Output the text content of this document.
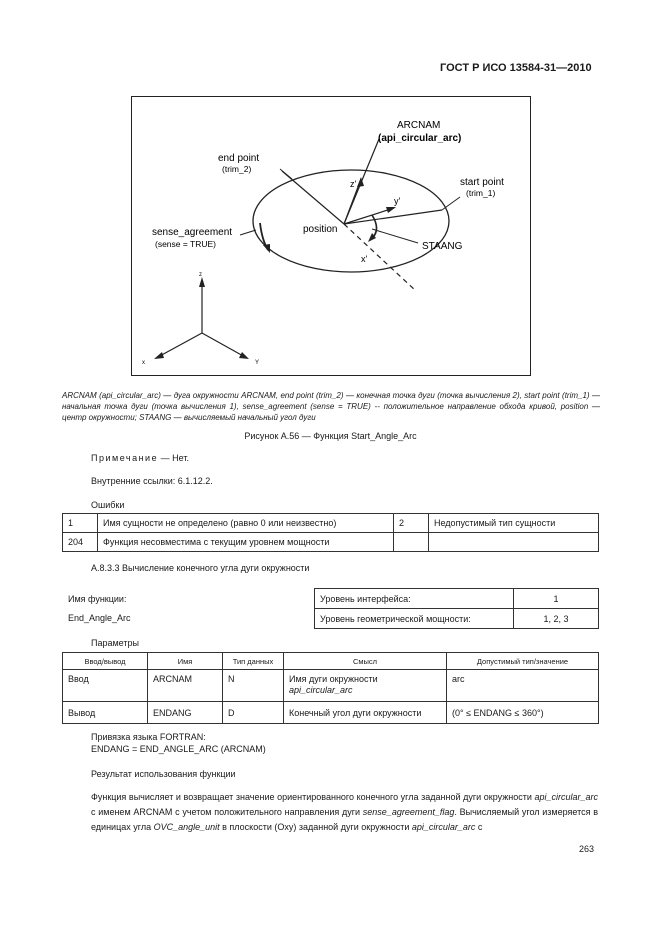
ГОСТ Р ИСО 13584-31—2010
ARCNAM
(api_circular_arc)
end point
(trim_2)
start point
(trim_1)
sense_agreement
(sense = TRUE)
position
STAANG
z'
y'
x'
z
x	Y
ARCNAM (api_circular_arc) — дуга окружности ARCNAM, end point (trim_2) — конечная точка дуги (точка вычисления 2), start point (trim_1) — начальная точка дуги (точка вычисления 1), sense_agreement (sense = TRUE) -- положительное направление обхода кривой, position — центр окружности; STAANG — вычисляемый начальный угол дуги
Рисунок А.56 — Функция Start_Angle_Arc
Примечание — Нет.
Внутренние ссылки: 6.1.12.2.
Ошибки
1	Имя сущности не определено (равно 0 или неизвестно)	2	Недопустимый тип сущности
204	Функция несовместима с текущим уровнем мощности		
А.8.3.3 Вычисление конечного угла дуги окружности
Имя функции:
End_Angle_Arc
Уровень интерфейса:	1
Уровень геометрической мощности:	1, 2, 3
Параметры
Ввод/вывод	Имя	Тип данных	Смысл	Допустимый тип/значение
Ввод	ARCNAM	N	Имя дуги окружности api_circular_arc	arc
Вывод	ENDANG	D	Конечный угол дуги окружности	(0° ≤ ENDANG ≤ 360°)
Привязка языка FORTRAN:
ENDANG = END_ANGLE_ARC (ARCNAM)
Результат использования функции
Функция вычисляет и возвращает значение ориентированного конечного угла заданной дуги окружности api_circular_arc с именем ARCNAM с учетом положительного направления дуги sense_agreement_flag. Вычисляемый угол измеряется в единицах угла OVC_angle_unit в плоскости (Oxy) заданной дуги окружности api_circular_arc с
263
